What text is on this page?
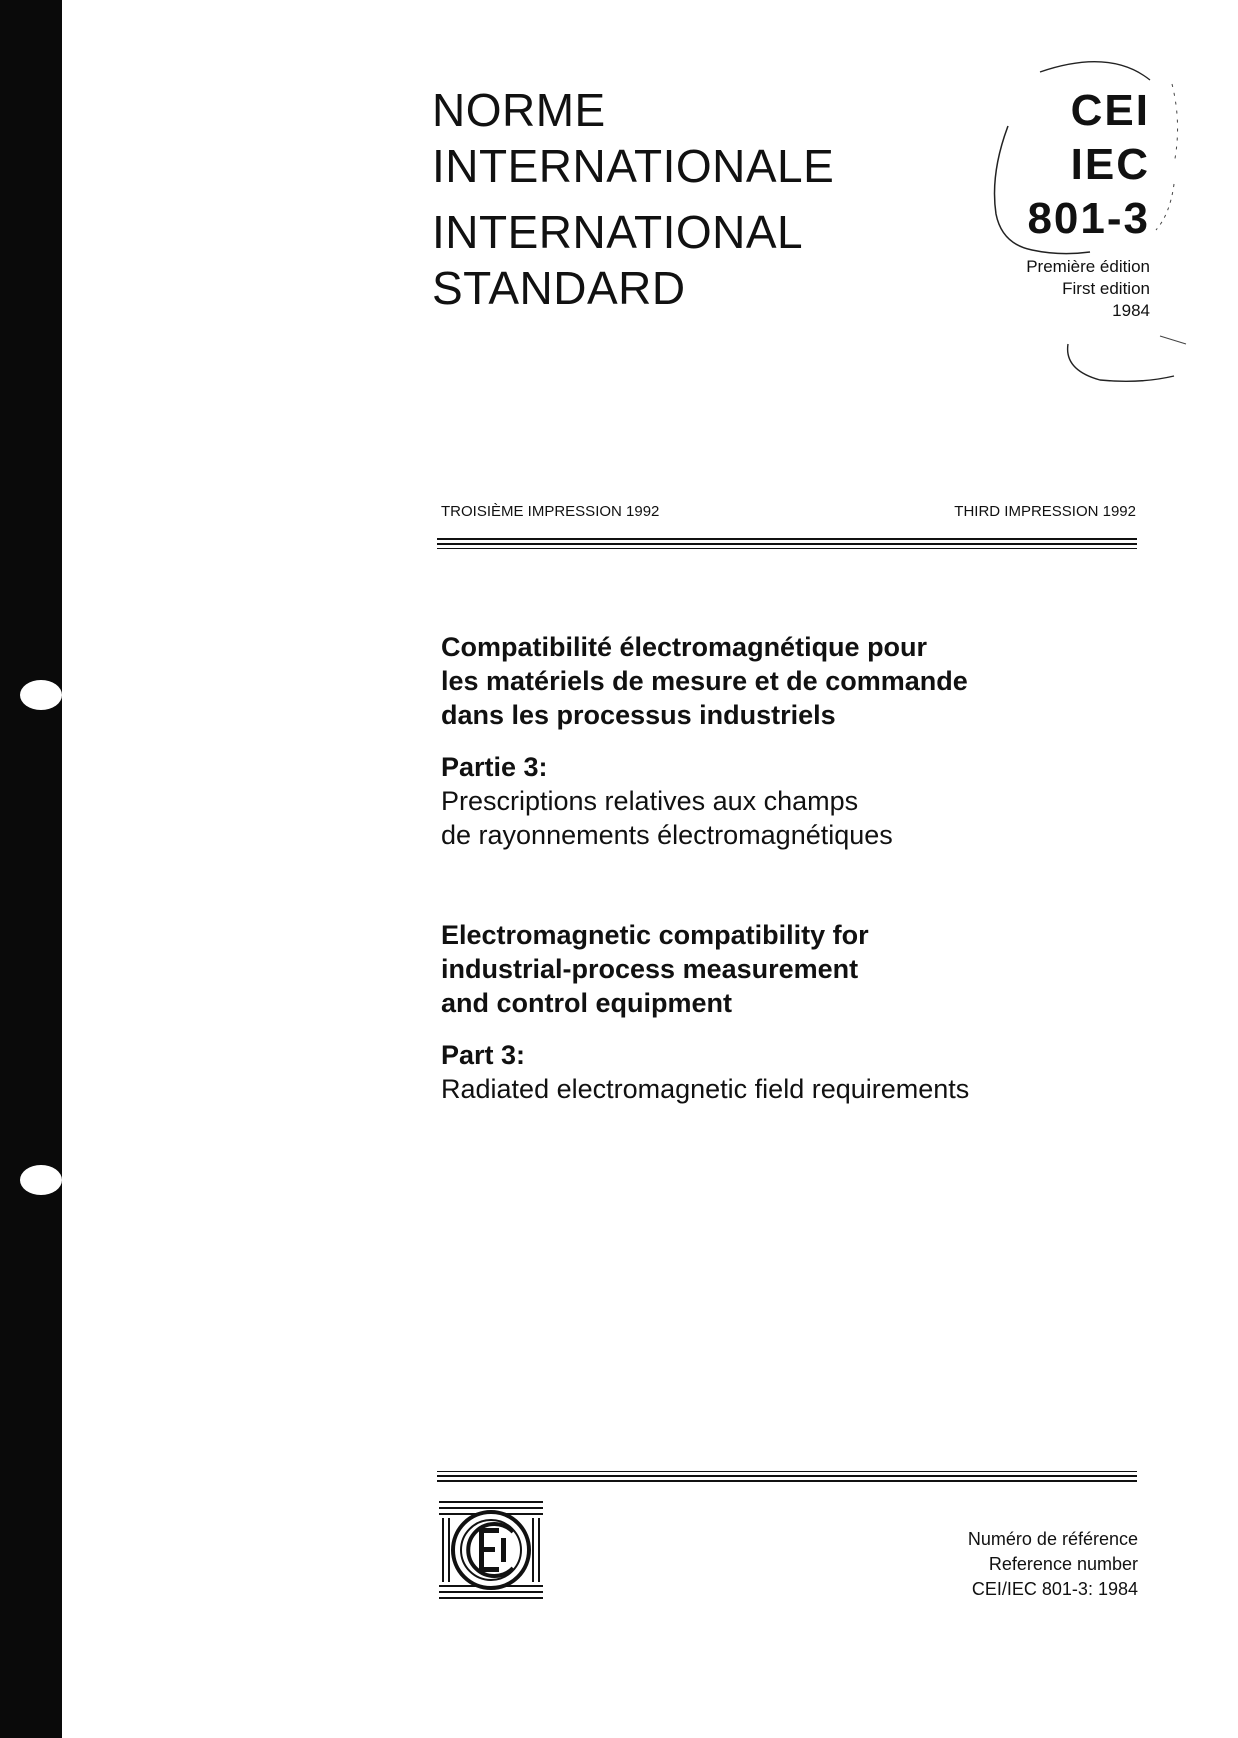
NORME
INTERNATIONALE
INTERNATIONAL
STANDARD
CEI
IEC
801-3
Première édition
First edition
1984
TROISIÈME IMPRESSION 1992	THIRD IMPRESSION 1992
Compatibilité électromagnétique pour
les matériels de mesure et de commande
dans les processus industriels
Partie 3:
Prescriptions relatives aux champs
de rayonnements électromagnétiques
Electromagnetic compatibility for
industrial-process measurement
and control equipment
Part 3:
Radiated electromagnetic field requirements
Numéro de référence
Reference number
CEI/IEC 801-3: 1984
